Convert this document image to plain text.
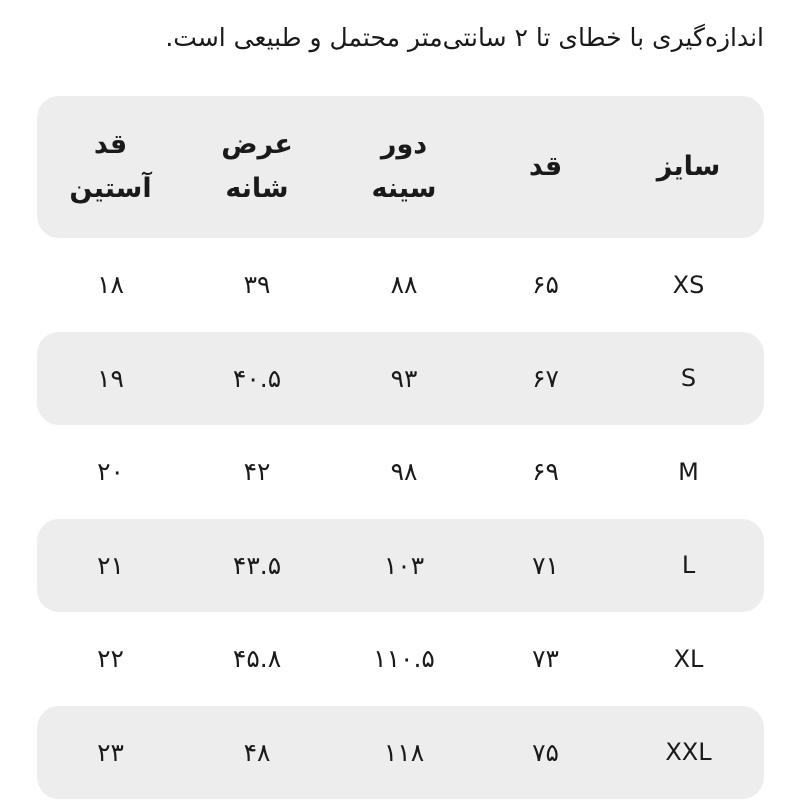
اندازه‌گیری با خطای تا ۲ سانتی‌متر محتمل و طبیعی است.
سایز
قد
دور
سینه
عرض
شانه
قد
آستین
XS
۶۵
۸۸
۳۹
۱۸
S
۶۷
۹۳
۴۰.۵
۱۹
M
۶۹
۹۸
۴۲
۲۰
L
۷۱
۱۰۳
۴۳.۵
۲۱
XL
۷۳
۱۱۰.۵
۴۵.۸
۲۲
XXL
۷۵
۱۱۸
۴۸
۲۳
